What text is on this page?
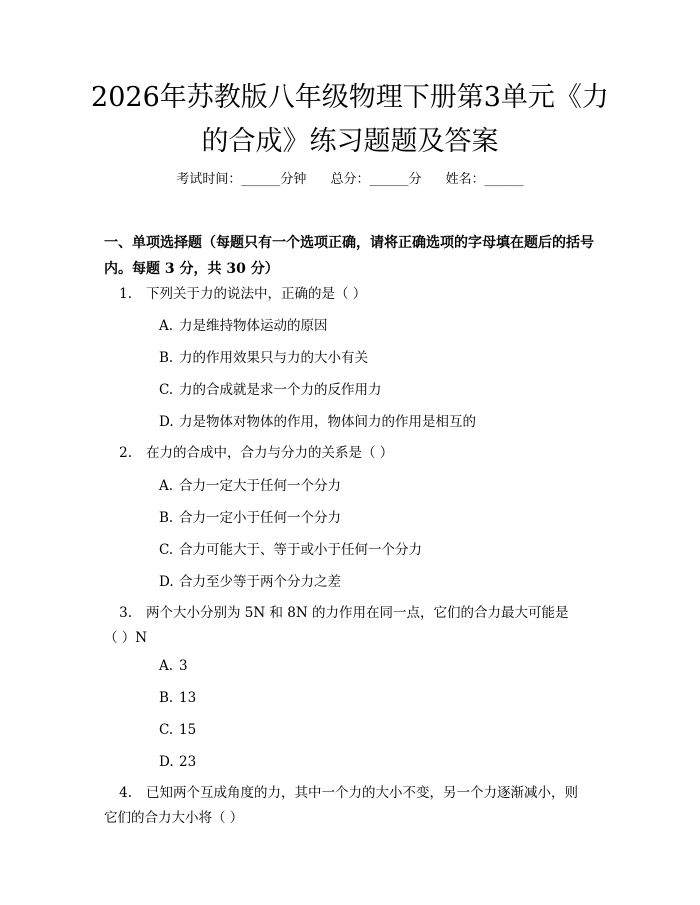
2026年苏教版八年级物理下册第3单元《力
的合成》练习题题及答案
考试时间：______分钟 总分：______分 姓名：______
一、单项选择题（每题只有一个选项正确，请将正确选项的字母填在题后的括号
内。每题 3 分，共 30 分）
1. 下列关于力的说法中，正确的是（ ）
A. 力是维持物体运动的原因
B. 力的作用效果只与力的大小有关
C. 力的合成就是求一个力的反作用力
D. 力是物体对物体的作用，物体间力的作用是相互的
2. 在力的合成中，合力与分力的关系是（ ）
A. 合力一定大于任何一个分力
B. 合力一定小于任何一个分力
C. 合力可能大于、等于或小于任何一个分力
D. 合力至少等于两个分力之差
3. 两个大小分别为 5N 和 8N 的力作用在同一点，它们的合力最大可能是
（ ）N
A. 3
B. 13
C. 15
D. 23
4. 已知两个互成角度的力，其中一个力的大小不变，另一个力逐渐减小，则
它们的合力大小将（ ）
